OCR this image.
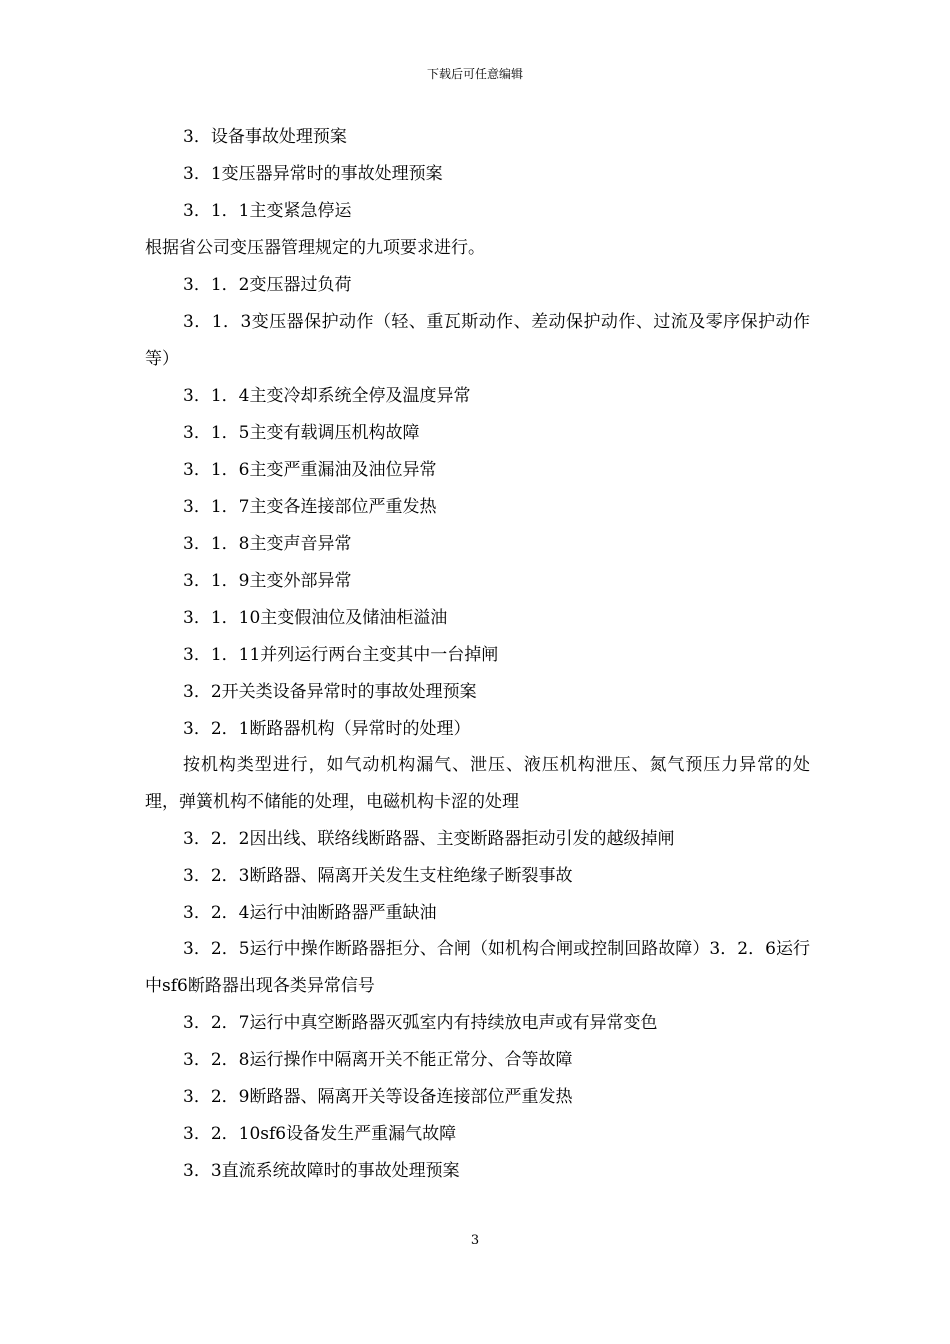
下载后可任意编辑
3．设备事故处理预案
3．1变压器异常时的事故处理预案
3．1．1主变紧急停运
根据省公司变压器管理规定的九项要求进行。
3．1．2变压器过负荷
3．1．3变压器保护动作（轻、重瓦斯动作、差动保护动作、过流及零序保护动作等）
3．1．4主变冷却系统全停及温度异常
3．1．5主变有载调压机构故障
3．1．6主变严重漏油及油位异常
3．1．7主变各连接部位严重发热
3．1．8主变声音异常
3．1．9主变外部异常
3．1．10主变假油位及储油柜溢油
3．1．11并列运行两台主变其中一台掉闸
3．2开关类设备异常时的事故处理预案
3．2．1断路器机构（异常时的处理）
按机构类型进行，如气动机构漏气、泄压、液压机构泄压、氮气预压力异常的处理，弹簧机构不储能的处理，电磁机构卡涩的处理
3．2．2因出线、联络线断路器、主变断路器拒动引发的越级掉闸
3．2．3断路器、隔离开关发生支柱绝缘子断裂事故
3．2．4运行中油断路器严重缺油
3．2．5运行中操作断路器拒分、合闸（如机构合闸或控制回路故障）3．2．6运行中sf6断路器出现各类异常信号
3．2．7运行中真空断路器灭弧室内有持续放电声或有异常变色
3．2．8运行操作中隔离开关不能正常分、合等故障
3．2．9断路器、隔离开关等设备连接部位严重发热
3．2．10sf6设备发生严重漏气故障
3．3直流系统故障时的事故处理预案
3
